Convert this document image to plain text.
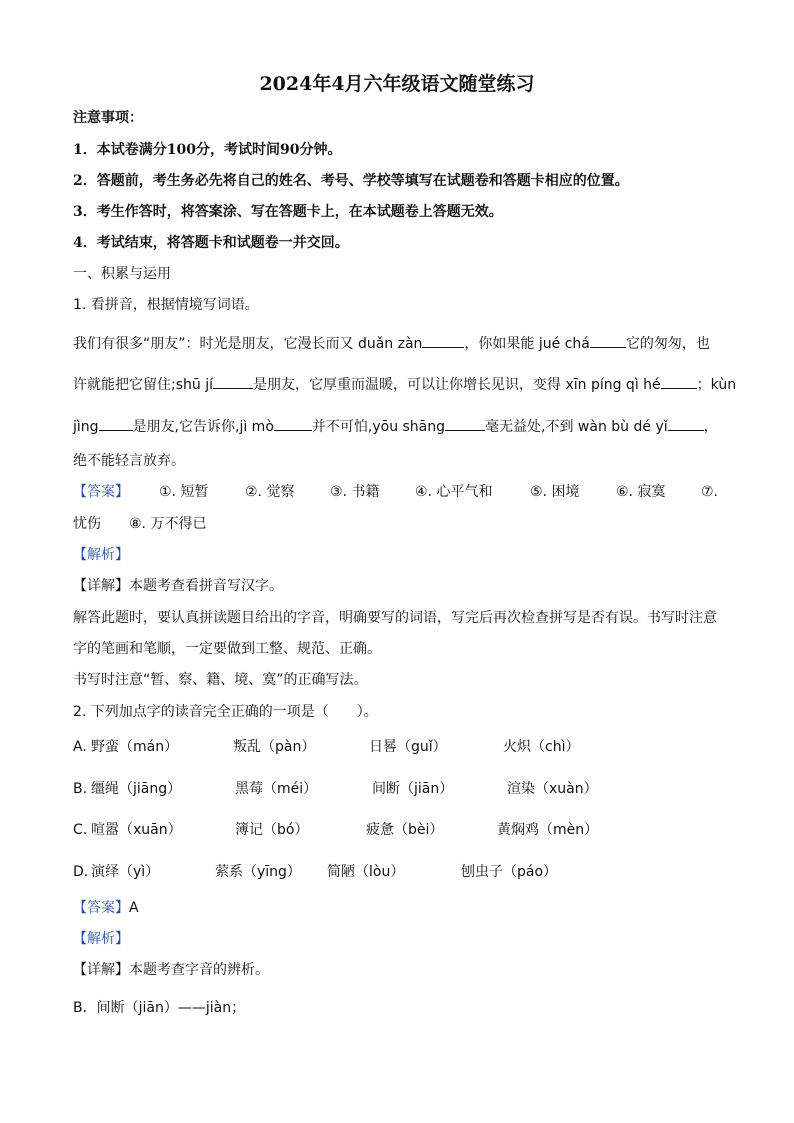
2024年4月六年级语文随堂练习
注意事项：
1．本试卷满分100分，考试时间90分钟。
2．答题前，考生务必先将自己的姓名、考号、学校等填写在试题卷和答题卡相应的位置。
3．考生作答时，将答案涂、写在答题卡上，在本试题卷上答题无效。
4．考试结束，将答题卡和试题卷一并交回。
一、积累与运用
1. 看拼音，根据情境写词语。
我们有很多“朋友”：时光是朋友，它漫长而又 duǎn zàn	，你如果能 jué chá	它的匆匆，也
许就能把它留住;shū jí	是朋友，它厚重而温暖，可以让你增长见识，变得 xīn píng qì hé	；kùn
jìng 是朋友,它告诉你,jì mò	并不可怕,yōu shāng	毫无益处,不到 wàn bù dé yǐ	，
绝不能轻言放弃。
【答案】 ①. 短暂	②. 觉察	③. 书籍	④. 心平气和	⑤. 困境	⑥. 寂寞	⑦.
忧伤 ⑧. 万不得已
【解析】
【详解】本题考查看拼音写汉字。
解答此题时，要认真拼读题目给出的字音，明确要写的词语，写完后再次检查拼写是否有误。书写时注意
字的笔画和笔顺，一定要做到工整、规范、正确。
书写时注意“暂、察、籍、境、寞”的正确写法。
2. 下列加点字的读音完全正确的一项是（　　）。
A. 野蛮（mán）	叛乱（pàn）	日晷（guǐ）	火炽（chì）
B. 缰绳（jiāng）	黑莓（méi）	间断（jiān）	渲染（xuàn）
C. 喧嚣（xuān）	簿记（bó）	疲惫（bèi）	黄焖鸡（mèn）
D. 演绎（yì）	萦系（yīng） 简陋（lòu）	刨虫子（páo）
【答案】A
【解析】
【详解】本题考查字音的辨析。
B．间断（jiān）——jiàn；
